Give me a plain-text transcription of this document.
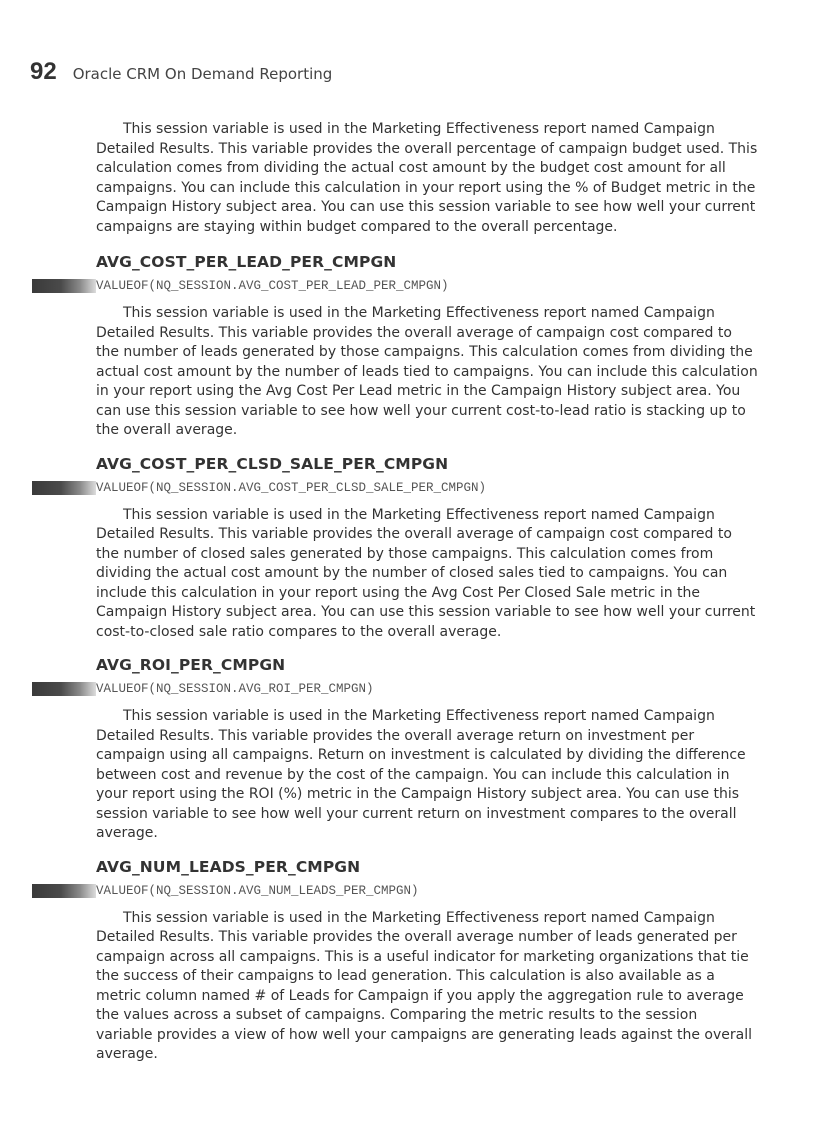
92 Oracle CRM On Demand Reporting

This session variable is used in the Marketing Effectiveness report named Campaign Detailed Results. This variable provides the overall percentage of campaign budget used. This calculation comes from dividing the actual cost amount by the budget cost amount for all campaigns. You can include this calculation in your report using the % of Budget metric in the Campaign History subject area. You can use this session variable to see how well your current campaigns are staying within budget compared to the overall percentage.

AVG_COST_PER_LEAD_PER_CMPGN
VALUEOF(NQ_SESSION.AVG_COST_PER_LEAD_PER_CMPGN)

This session variable is used in the Marketing Effectiveness report named Campaign Detailed Results. This variable provides the overall average of campaign cost compared to the number of leads generated by those campaigns. This calculation comes from dividing the actual cost amount by the number of leads tied to campaigns. You can include this calculation in your report using the Avg Cost Per Lead metric in the Campaign History subject area. You can use this session variable to see how well your current cost-to-lead ratio is stacking up to the overall average.

AVG_COST_PER_CLSD_SALE_PER_CMPGN
VALUEOF(NQ_SESSION.AVG_COST_PER_CLSD_SALE_PER_CMPGN)

This session variable is used in the Marketing Effectiveness report named Campaign Detailed Results. This variable provides the overall average of campaign cost compared to the number of closed sales generated by those campaigns. This calculation comes from dividing the actual cost amount by the number of closed sales tied to campaigns. You can include this calculation in your report using the Avg Cost Per Closed Sale metric in the Campaign History subject area. You can use this session variable to see how well your current cost-to-closed sale ratio compares to the overall average.

AVG_ROI_PER_CMPGN
VALUEOF(NQ_SESSION.AVG_ROI_PER_CMPGN)

This session variable is used in the Marketing Effectiveness report named Campaign Detailed Results. This variable provides the overall average return on investment per campaign using all campaigns. Return on investment is calculated by dividing the difference between cost and revenue by the cost of the campaign. You can include this calculation in your report using the ROI (%) metric in the Campaign History subject area. You can use this session variable to see how well your current return on investment compares to the overall average.

AVG_NUM_LEADS_PER_CMPGN
VALUEOF(NQ_SESSION.AVG_NUM_LEADS_PER_CMPGN)

This session variable is used in the Marketing Effectiveness report named Campaign Detailed Results. This variable provides the overall average number of leads generated per campaign across all campaigns. This is a useful indicator for marketing organizations that tie the success of their campaigns to lead generation. This calculation is also available as a metric column named # of Leads for Campaign if you apply the aggregation rule to average the values across a subset of campaigns. Comparing the metric results to the session variable provides a view of how well your campaigns are generating leads against the overall average.
